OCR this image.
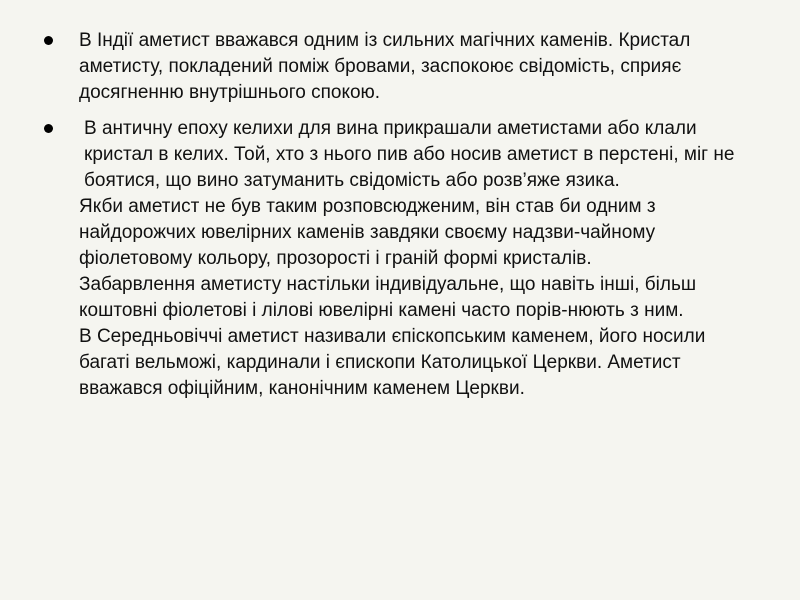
В Індії аметист вважався одним із сильних магічних каменів. Кристал аметисту, покладений поміж бровами, заспокоює свідомість, сприяє досягненню внутрішнього спокою.
В античну епоху келихи для вина прикрашали аметистами або клали кристал в келих. Той, хто з нього пив або носив аметист в перстені, міг не боятися, що вино затуманить свідомість або розв’яже язика.
Якби аметист не був таким розповсюдженим, він став би одним з найдорожчих ювелірних каменів завдяки своєму надзви-чайному фіолетовому кольору, прозорості і граній формі кристалів.
Забарвлення аметисту настільки індивідуальне, що навіть інші, більш коштовні фіолетові і лілові ювелірні камені часто порів-нюють з ним.
В Середньовіччі аметист називали єпіскопським каменем, його носили багаті вельможі, кардинали і єпископи Католицької Церкви. Аметист вважався офіційним, канонічним каменем Церкви.
